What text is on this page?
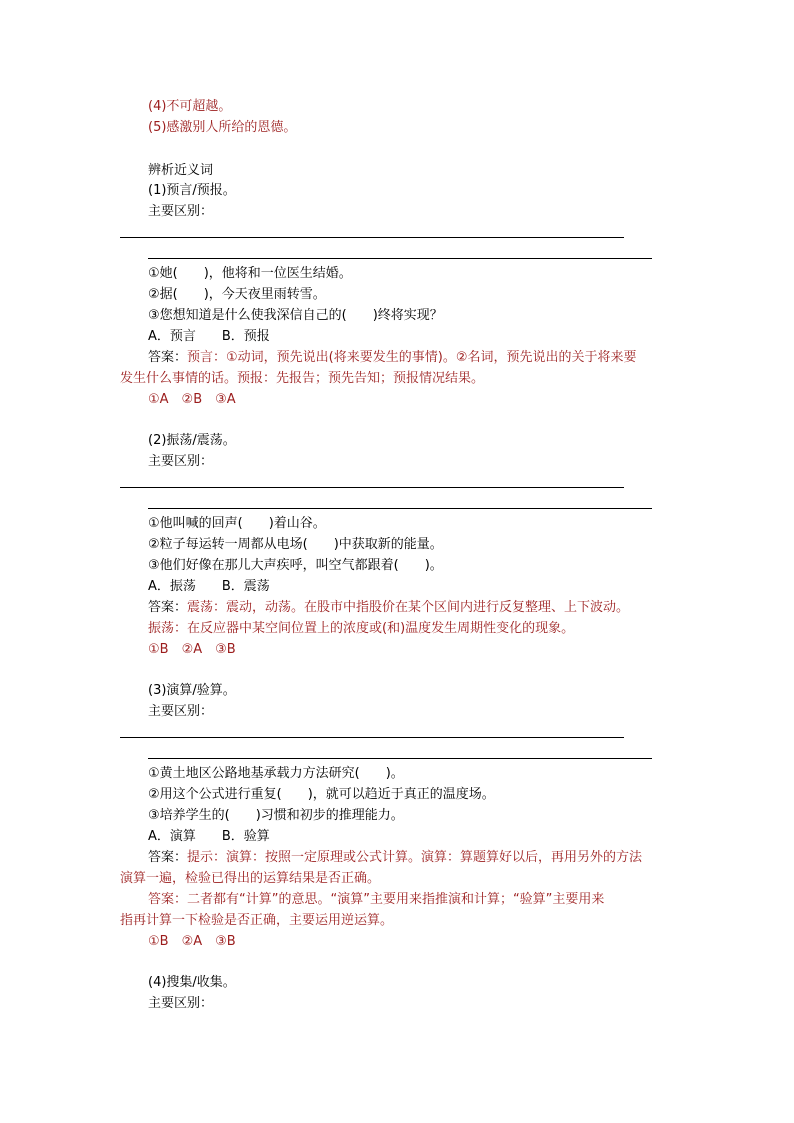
(4)不可超越。
(5)感激别人所给的恩德。
辨析近义词
(1)预言/预报。
主要区别：
①她(　　)，他将和一位医生结婚。
②据(　　)，今天夜里雨转雪。
③您想知道是什么使我深信自己的(　　)终将实现？
A．预言　　B．预报
答案：预言：①动词，预先说出(将来要发生的事情)。②名词，预先说出的关于将来要
发生什么事情的话。预报：先报告；预先告知；预报情况结果。
①A　②B　③A
(2)振荡/震荡。
主要区别：
①他叫喊的回声(　　)着山谷。
②粒子每运转一周都从电场(　　)中获取新的能量。
③他们好像在那儿大声疾呼，叫空气都跟着(　　)。
A．振荡　　B．震荡
答案：震荡：震动，动荡。在股市中指股价在某个区间内进行反复整理、上下波动。
振荡：在反应器中某空间位置上的浓度或(和)温度发生周期性变化的现象。
①B　②A　③B
(3)演算/验算。
主要区别：
①黄土地区公路地基承载力方法研究(　　)。
②用这个公式进行重复(　　)，就可以趋近于真正的温度场。
③培养学生的(　　)习惯和初步的推理能力。
A．演算　　B．验算
答案：提示：演算：按照一定原理或公式计算。演算：算题算好以后，再用另外的方法
演算一遍，检验已得出的运算结果是否正确。
答案：二者都有“计算”的意思。“演算”主要用来指推演和计算；“验算”主要用来
指再计算一下检验是否正确，主要运用逆运算。
①B　②A　③B
(4)搜集/收集。
主要区别：
